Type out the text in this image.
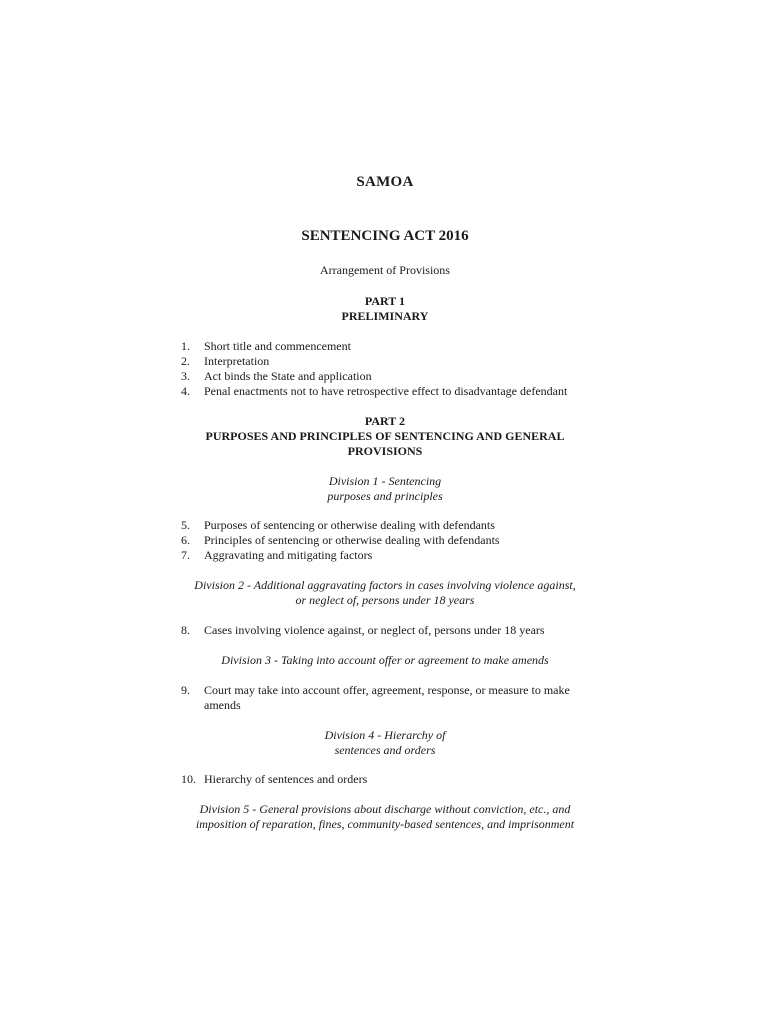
SAMOA
SENTENCING ACT 2016
Arrangement of Provisions
PART 1
PRELIMINARY
1. Short title and commencement
2. Interpretation
3. Act binds the State and application
4. Penal enactments not to have retrospective effect to disadvantage defendant
PART 2
PURPOSES AND PRINCIPLES OF SENTENCING AND GENERAL
PROVISIONS
Division 1 - Sentencing
purposes and principles
5. Purposes of sentencing or otherwise dealing with defendants
6. Principles of sentencing or otherwise dealing with defendants
7. Aggravating and mitigating factors
Division 2 - Additional aggravating factors in cases involving violence against,
or neglect of, persons under 18 years
8. Cases involving violence against, or neglect of, persons under 18 years
Division 3 - Taking into account offer or agreement to make amends
9. Court may take into account offer, agreement, response, or measure to make
amends
Division 4 - Hierarchy of
sentences and orders
10. Hierarchy of sentences and orders
Division 5 - General provisions about discharge without conviction, etc., and
imposition of reparation, fines, community-based sentences, and imprisonment
